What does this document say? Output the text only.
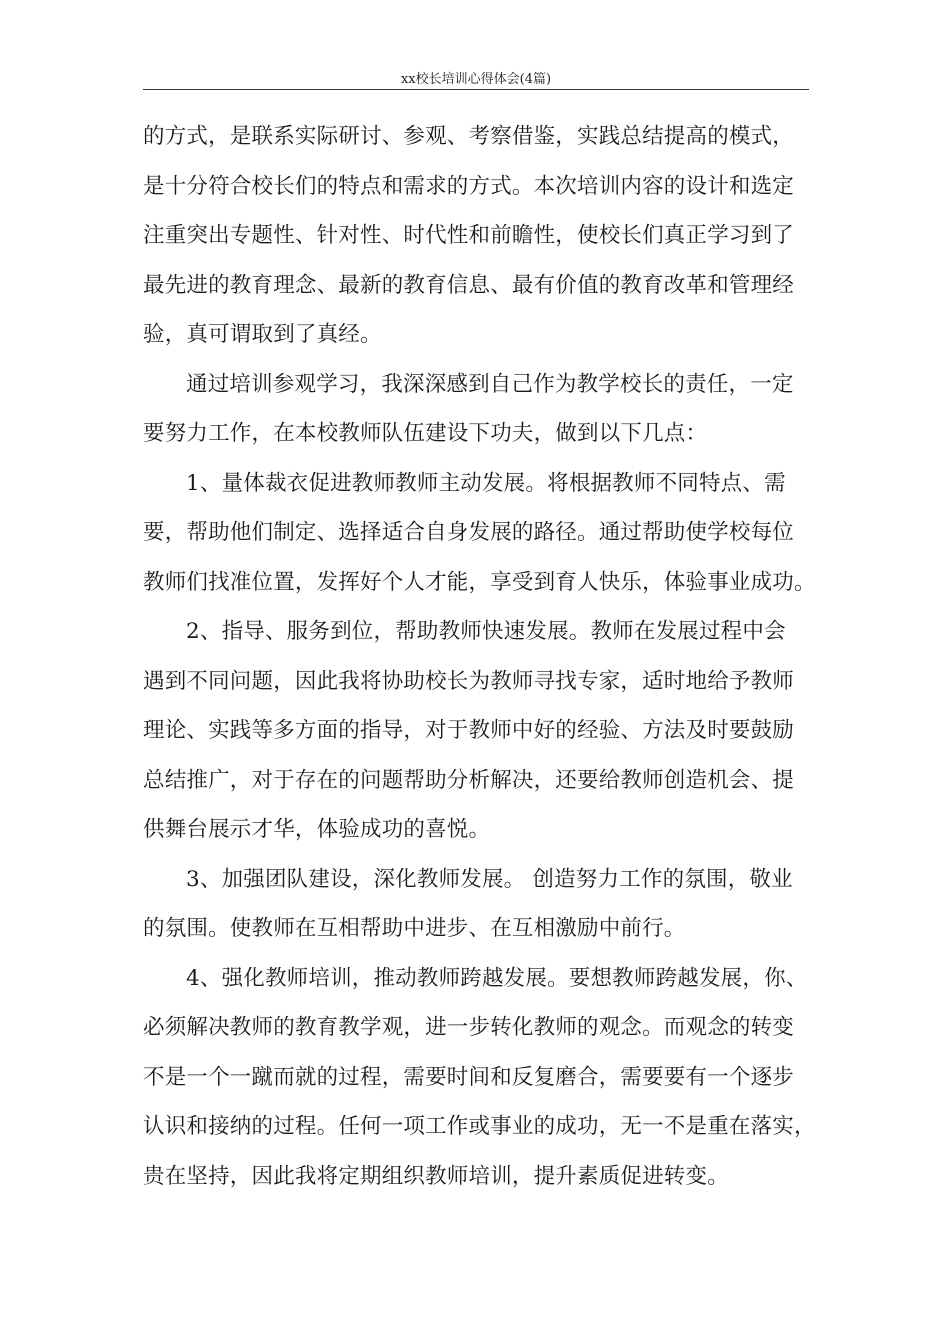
xx校长培训心得体会(4篇)
的方式，是联系实际研讨、参观、考察借鉴，实践总结提高的模式，
是十分符合校长们的特点和需求的方式。本次培训内容的设计和选定
注重突出专题性、针对性、时代性和前瞻性，使校长们真正学习到了
最先进的教育理念、最新的教育信息、最有价值的教育改革和管理经
验，真可谓取到了真经。
通过培训参观学习，我深深感到自己作为教学校长的责任，一定
要努力工作，在本校教师队伍建设下功夫，做到以下几点：
1、量体裁衣促进教师教师主动发展。将根据教师不同特点、需
要，帮助他们制定、选择适合自身发展的路径。通过帮助使学校每位
教师们找准位置，发挥好个人才能，享受到育人快乐，体验事业成功。
2、指导、服务到位，帮助教师快速发展。教师在发展过程中会
遇到不同问题，因此我将协助校长为教师寻找专家，适时地给予教师
理论、实践等多方面的指导，对于教师中好的经验、方法及时要鼓励
总结推广，对于存在的问题帮助分析解决，还要给教师创造机会、提
供舞台展示才华，体验成功的喜悦。
3、加强团队建设，深化教师发展。 创造努力工作的氛围，敬业
的氛围。使教师在互相帮助中进步、在互相激励中前行。
4、强化教师培训，推动教师跨越发展。要想教师跨越发展，你、
必须解决教师的教育教学观，进一步转化教师的观念。而观念的转变
不是一个一蹴而就的过程，需要时间和反复磨合，需要要有一个逐步
认识和接纳的过程。任何一项工作或事业的成功，无一不是重在落实，
贵在坚持，因此我将定期组织教师培训，提升素质促进转变。
